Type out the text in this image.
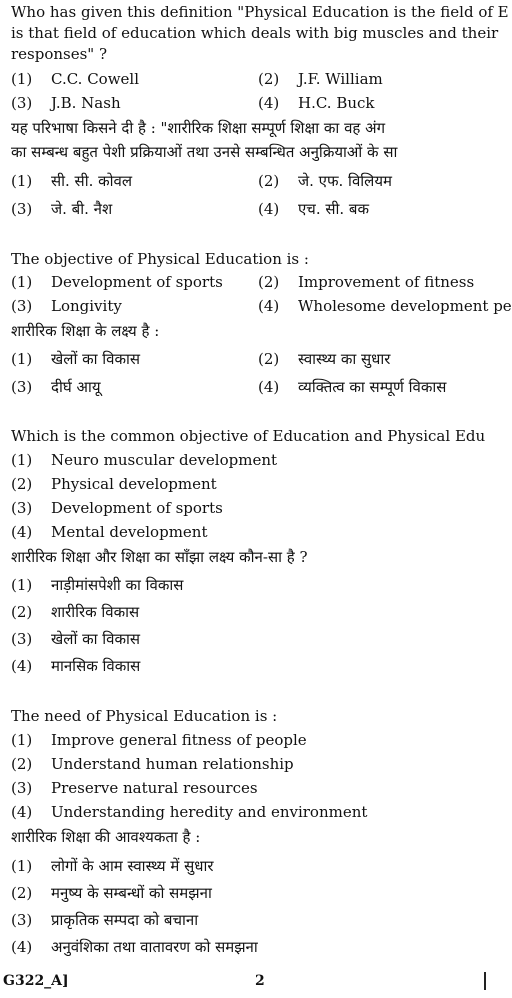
Who has given this definition "Physical Education is the field of E
is that field of education which deals with big muscles and their
responses" ?
(1) C.C. Cowell	(2) J.F. William
(3) J.B. Nash	(4) H.C. Buck
यह परिभाषा किसने दी है : "शारीरिक शिक्षा सम्पूर्ण शिक्षा का वह अंग
का सम्बन्ध बहुत पेशी प्रक्रियाओं तथा उनसे सम्बन्धित अनुक्रियाओं के सा
(1) सी. सी. कोवल	(2) जे. एफ. विलियम
(3) जे. बी. नैश	(4) एच. सी. बक
The objective of Physical Education is :
(1) Development of sports (2) Improvement of fitness
(3) Longivity	(4) Wholesome development pe
शारीरिक शिक्षा के लक्ष्य है :
(1) खेलों का विकास	(2) स्वास्थ्य का सुधार
(3) दीर्घ आयू	(4) व्यक्तित्व का सम्पूर्ण विकास
Which is the common objective of Education and Physical Edu
(1) Neuro muscular development
(2) Physical development
(3) Development of sports
(4) Mental development
शारीरिक शिक्षा और शिक्षा का साँझा लक्ष्य कौन-सा है ?
(1) नाड़ीमांसपेशी का विकास
(2) शारीरिक विकास
(3) खेलों का विकास
(4) मानसिक विकास
The need of Physical Education is :
(1) Improve general fitness of people
(2) Understand human relationship
(3) Preserve natural resources
(4) Understanding heredity and environment
शारीरिक शिक्षा की आवश्यकता है :
(1) लोगों के आम स्वास्थ्य में सुधार
(2) मनुष्य के सम्बन्धों को समझना
(3) प्राकृतिक सम्पदा को बचाना
(4) अनुवंशिका तथा वातावरण को समझना
G322_A]	2
